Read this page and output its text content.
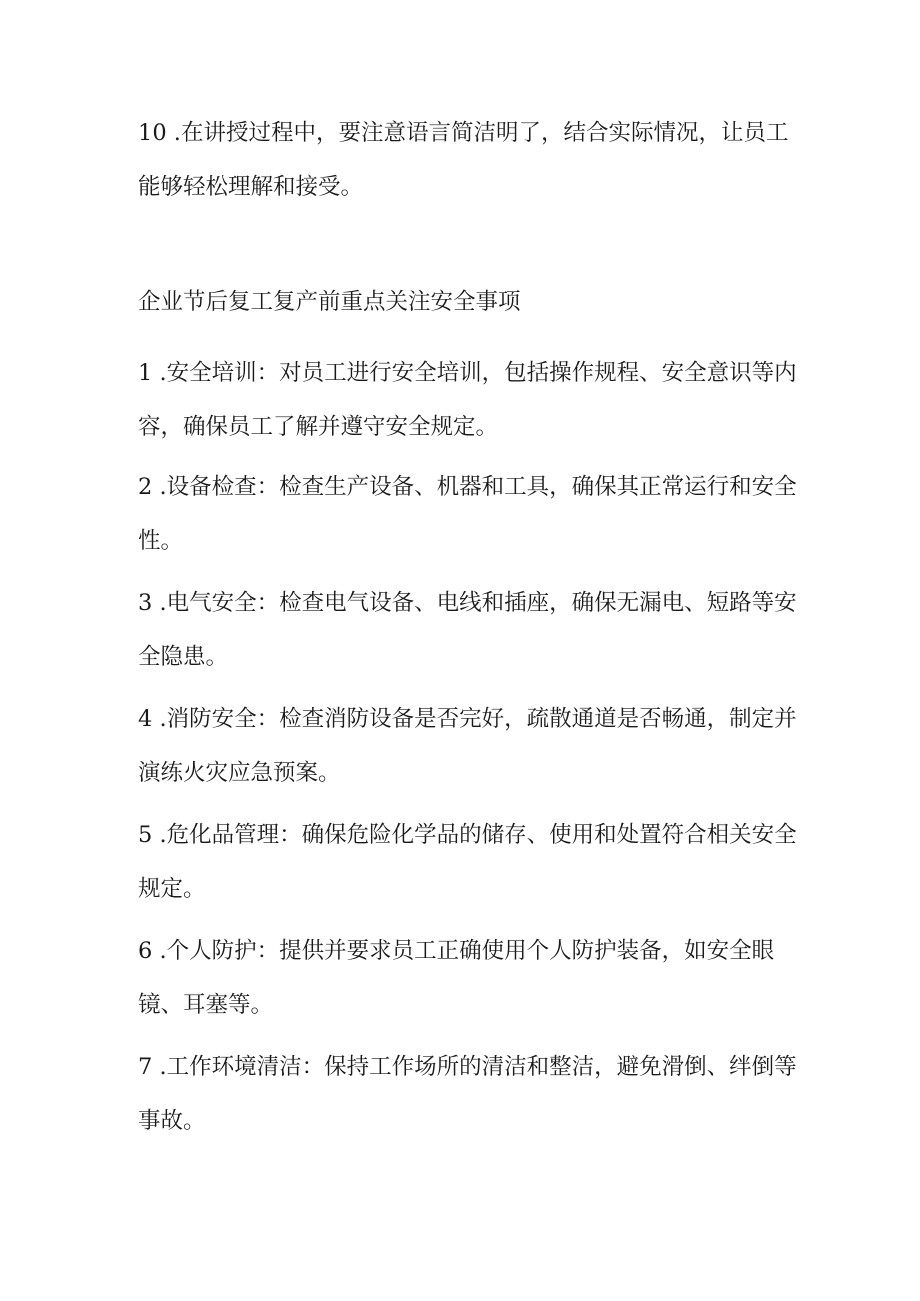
10 .在讲授过程中，要注意语言简洁明了，结合实际情况，让员工能够轻松理解和接受。

企业节后复工复产前重点关注安全事项

1 .安全培训：对员工进行安全培训，包括操作规程、安全意识等内容，确保员工了解并遵守安全规定。

2 .设备检查：检查生产设备、机器和工具，确保其正常运行和安全性。

3 .电气安全：检查电气设备、电线和插座，确保无漏电、短路等安全隐患。

4 .消防安全：检查消防设备是否完好，疏散通道是否畅通，制定并演练火灾应急预案。

5 .危化品管理：确保危险化学品的储存、使用和处置符合相关安全规定。

6 .个人防护：提供并要求员工正确使用个人防护装备，如安全眼镜、耳塞等。

7 .工作环境清洁：保持工作场所的清洁和整洁，避免滑倒、绊倒等事故。
